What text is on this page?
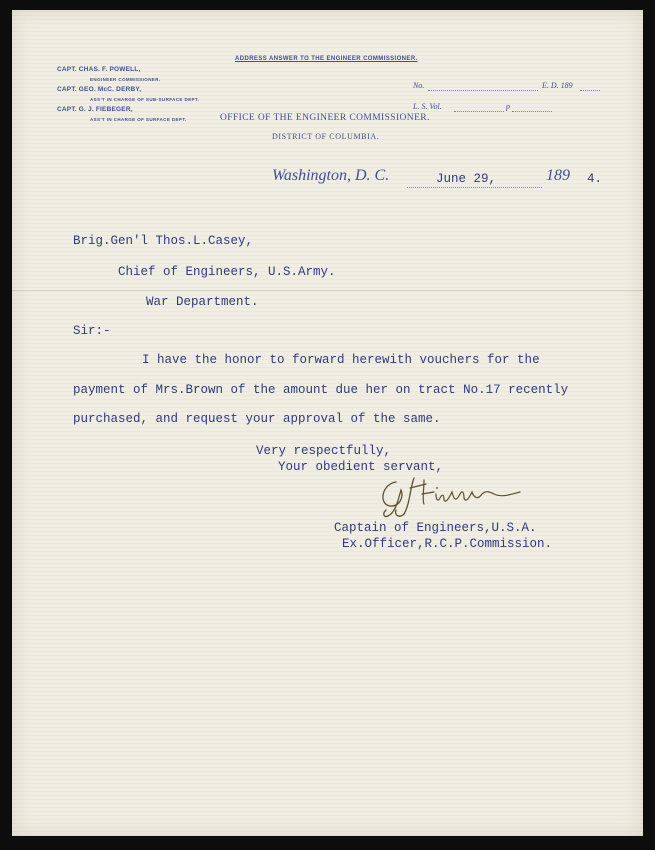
ADDRESS ANSWER TO THE ENGINEER COMMISSIONER.
CAPT. CHAS. F. POWELL,
ENGINEER COMMISSIONER.
CAPT. GEO. McC. DERBY,
ASS'T IN CHARGE OF SUB-SURFACE DEPT.
CAPT. G. J. FIEBEGER,
ASS'T IN CHARGE OF SURFACE DEPT.
No.	E. D. 189
L. S. Vol.	p
OFFICE OF THE ENGINEER COMMISSIONER.
DISTRICT OF COLUMBIA.
Washington, D. C.	June 29,	189 4.
Brig.Gen'l Thos.L.Casey,
Chief of Engineers, U.S.Army.
War Department.
Sir:-
I have the honor to forward herewith vouchers for the
payment of Mrs.Brown of the amount due her on tract No.17 recently
purchased, and request your approval of the same.
Very respectfully,
Your obedient servant,
Captain of Engineers,U.S.A.
Ex.Officer,R.C.P.Commission.
